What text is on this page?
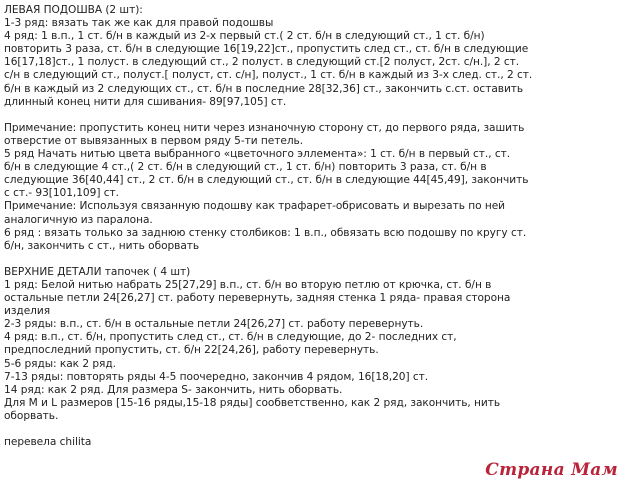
ЛЕВАЯ ПОДОШВА (2 шт):

1-3 ряд: вязать так же как для правой подошвы

4 ряд: 1 в.п., 1 ст. б/н в каждый из 2-х первый ст.( 2 ст. б/н в следующий ст., 1 ст. б/н)

повторить 3 раза, ст. б/н в следующие 16[19,22]ст., пропустить след ст., ст. б/н в следующие

16[17,18]ст., 1 полуст. в следующий ст., 2 полуст. в следующий ст.[2 полуст, 2ст. с/н.], 2 ст.

с/н в следующий ст., полуст.[ полуст, ст. с/н], полуст., 1 ст. б/н в каждый из 3-х след. ст., 2 ст.

б/н в каждый из 2 следующих ст., ст. б/н в последние 28[32,36] ст., закончить с.ст. оставить

длинный конец нити для сшивания- 89[97,105] ст.

Примечание: пропустить конец нити через изнаночную сторону ст, до первого ряда, зашить

отверстие от вывязанных в первом ряду 5-ти петель.

5 ряд Начать нитью цвета выбранного «цветочного эллемента»: 1 ст. б/н в первый ст., ст.

б/н в следующие 4 ст.,( 2 ст. б/н в следующий ст., 1 ст. б/н) повторить 3 раза, ст. б/н в

следующие 36[40,44] ст., 2 ст. б/н в следующий ст., ст. б/н в следующие 44[45,49], закончить

с ст.- 93[101,109] ст.

Примечание: Используя связанную подошву как трафарет-обрисовать и вырезать по ней

аналогичную из паралона.

6 ряд : вязать только за заднюю стенку столбиков: 1 в.п., обвязать всю подошву по кругу ст.

б/н, закончить с ст., нить оборвать

ВЕРХНИЕ ДЕТАЛИ тапочек ( 4 шт)

1 ряд: Белой нитью набрать 25[27,29] в.п., ст. б/н во вторую петлю от крючка, ст. б/н в

остальные петли 24[26,27] ст. работу перевернуть, задняя стенка 1 ряда- правая сторона

изделия

2-3 ряды: в.п., ст. б/н в остальные петли 24[26,27] ст. работу перевернуть.

4 ряд: в.п., ст. б/н, пропустить след ст., ст. б/н в следующие, до 2- последних ст,

предпоследний пропустить, ст. б/н 22[24,26], работу перевернуть.

5-6 ряды: как 2 ряд.

7-13 ряды: повторять ряды 4-5 поочередно, закончив 4 рядом, 16[18,20] ст.

14 ряд: как 2 ряд. Для размера S- закончить, нить оборвать.

Для М и L размеров [15-16 ряды,15-18 ряды] сообветственно, как 2 ряд, закончить, нить

оборвать.

перевела chilita

Страна Мам
